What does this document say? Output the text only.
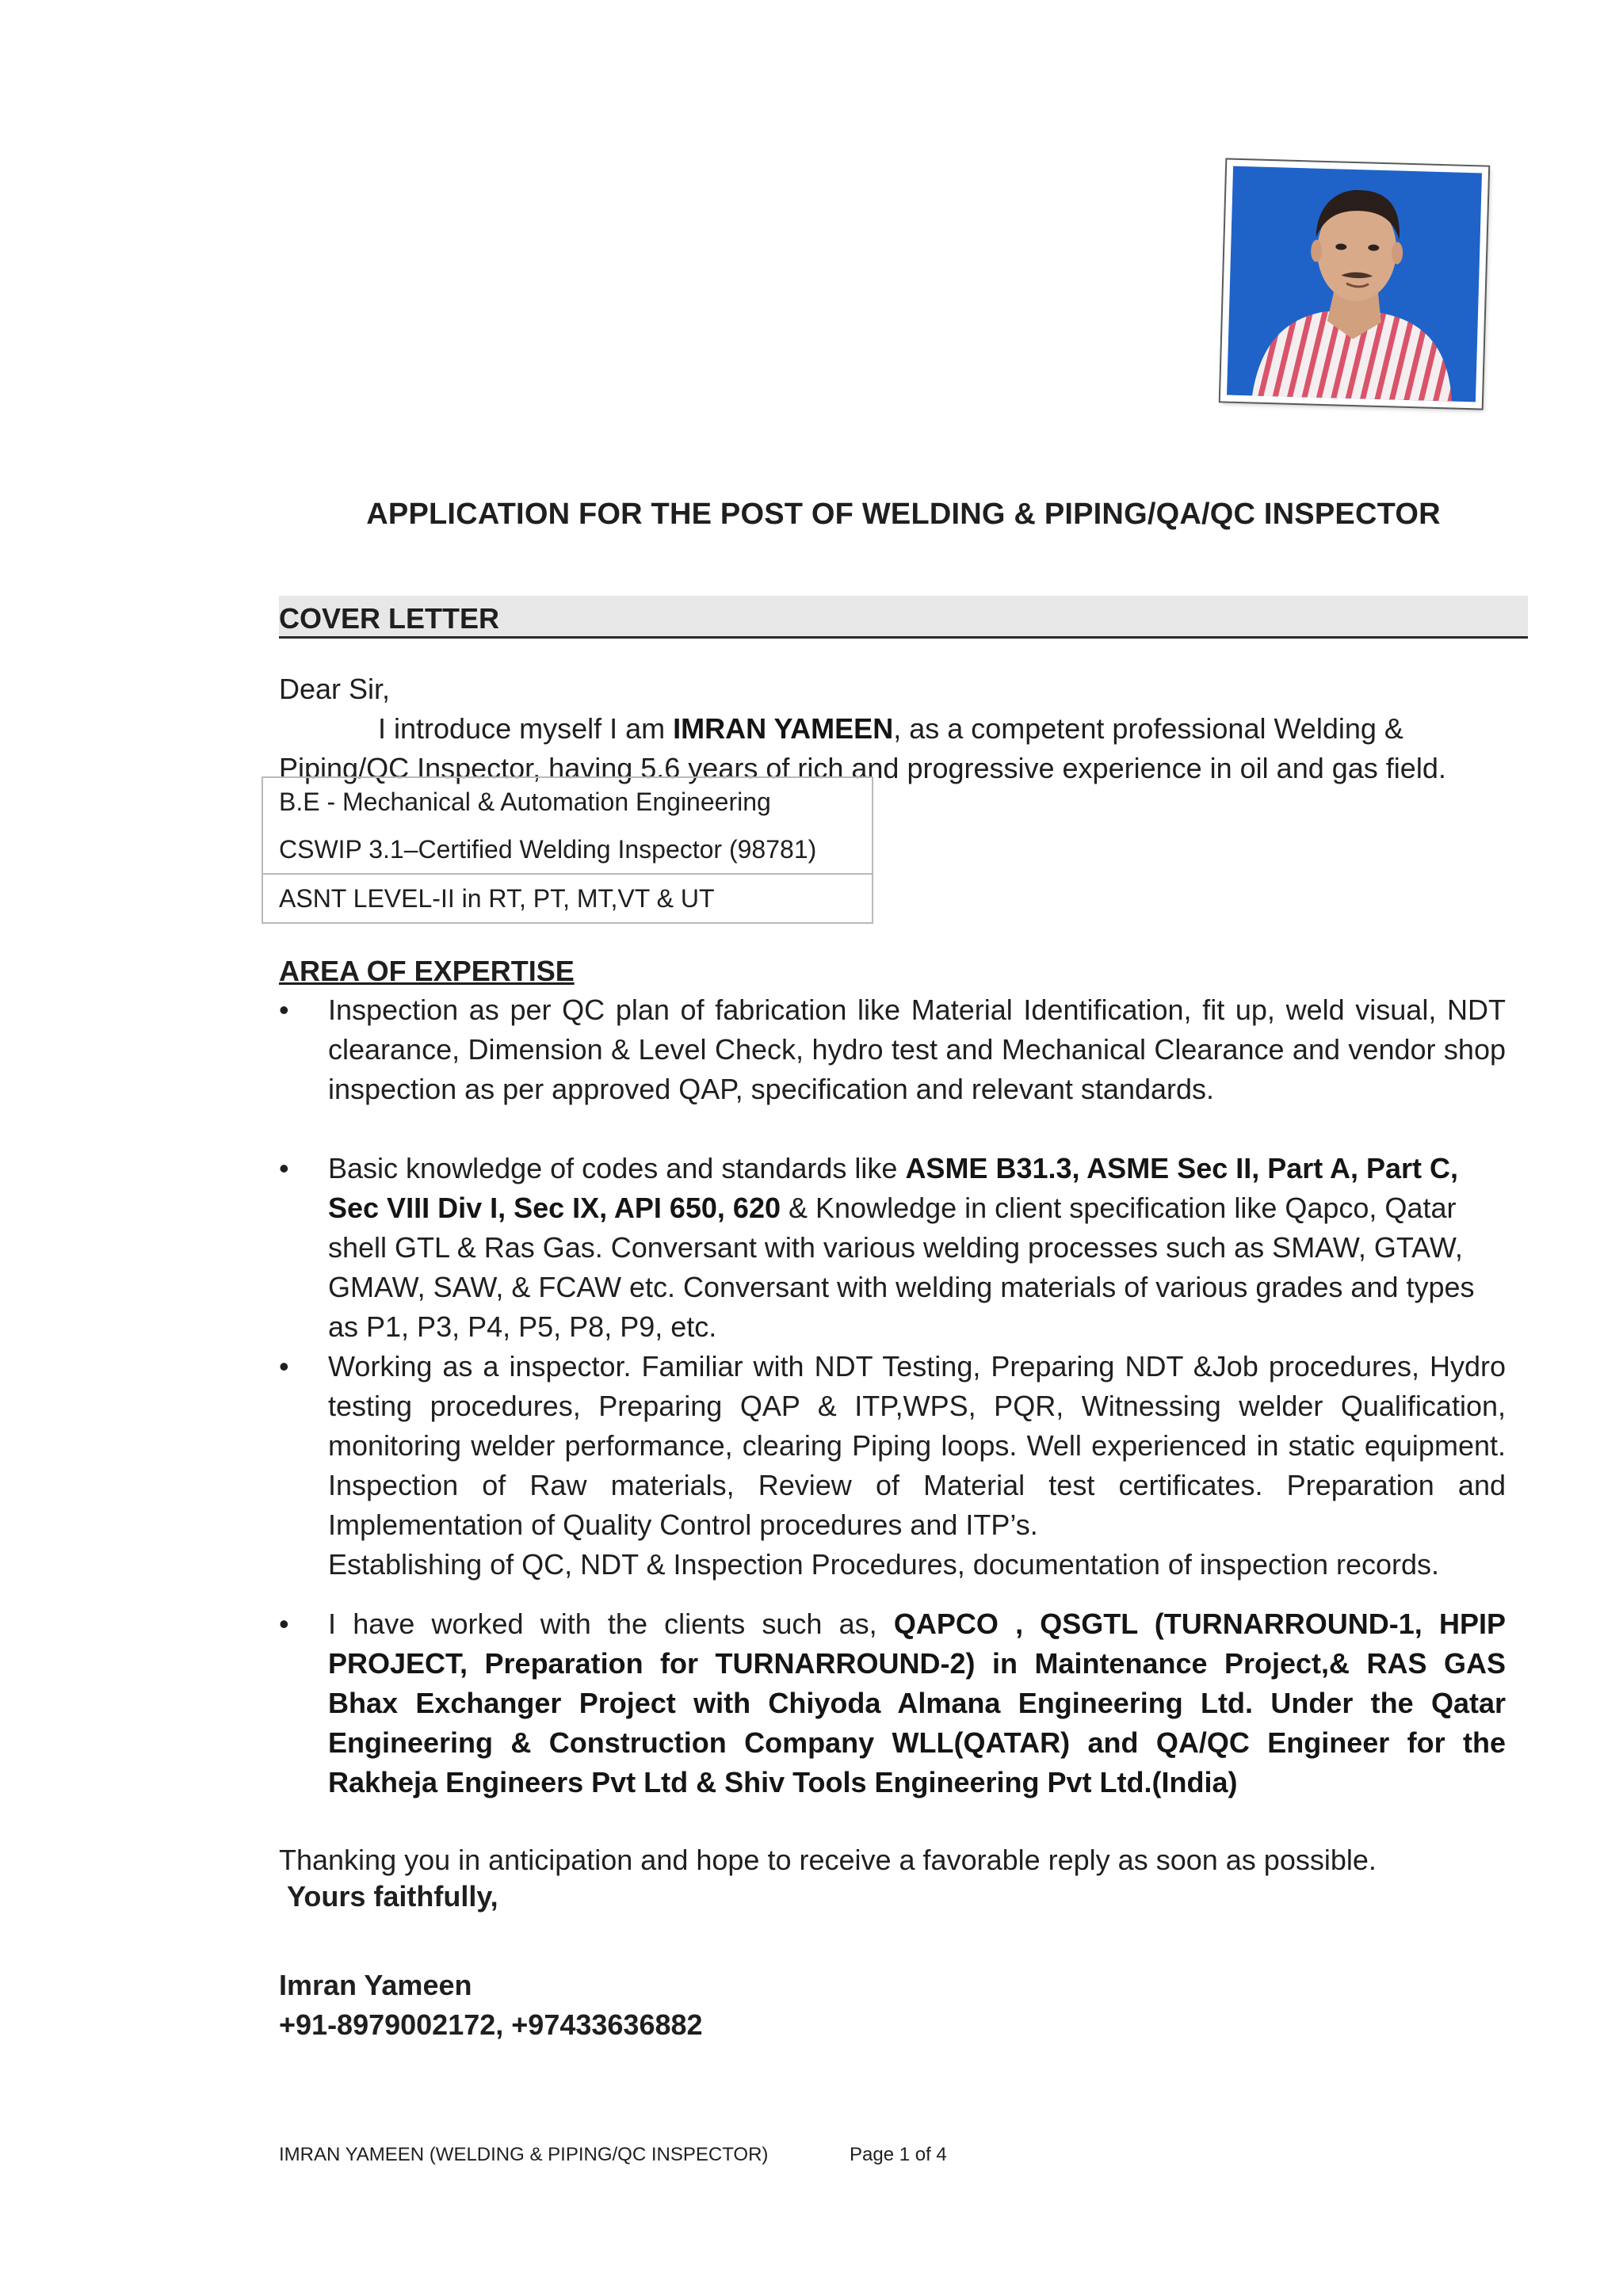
APPLICATION FOR THE POST OF WELDING & PIPING/QA/QC INSPECTOR
COVER LETTER
Dear Sir,
I introduce myself I am IMRAN YAMEEN, as a competent professional Welding &
Piping/QC Inspector, having 5.6 years of rich and progressive experience in oil and gas field.
B.E - Mechanical & Automation Engineering
CSWIP 3.1–Certified Welding Inspector (98781)
ASNT LEVEL-II in RT, PT, MT,VT & UT
AREA OF EXPERTISE
• Inspection as per QC plan of fabrication like Material Identification, fit up, weld visual, NDT clearance, Dimension & Level Check, hydro test and Mechanical Clearance and vendor shop inspection as per approved QAP, specification and relevant standards.
• Basic knowledge of codes and standards like ASME B31.3, ASME Sec II, Part A, Part C, Sec VIII Div I, Sec IX, API 650, 620 & Knowledge in client specification like Qapco, Qatar shell GTL & Ras Gas. Conversant with various welding processes such as SMAW, GTAW, GMAW, SAW, & FCAW etc. Conversant with welding materials of various grades and types as P1, P3, P4, P5, P8, P9, etc.
• Working as a inspector. Familiar with NDT Testing, Preparing NDT &Job procedures, Hydro testing procedures, Preparing QAP & ITP,WPS, PQR, Witnessing welder Qualification, monitoring welder performance, clearing Piping loops. Well experienced in static equipment. Inspection of Raw materials, Review of Material test certificates. Preparation and Implementation of Quality Control procedures and ITP’s.
Establishing of QC, NDT & Inspection Procedures, documentation of inspection records.
• I have worked with the clients such as, QAPCO , QSGTL (TURNARROUND-1, HPIP PROJECT, Preparation for TURNARROUND-2) in Maintenance Project,& RAS GAS Bhax Exchanger Project with Chiyoda Almana Engineering Ltd. Under the Qatar Engineering & Construction Company WLL(QATAR) and QA/QC Engineer for the Rakheja Engineers Pvt Ltd & Shiv Tools Engineering Pvt Ltd.(India)
Thanking you in anticipation and hope to receive a favorable reply as soon as possible.
Yours faithfully,
Imran Yameen
+91-8979002172, +97433636882
IMRAN YAMEEN (WELDING & PIPING/QC INSPECTOR)	Page 1 of 4
